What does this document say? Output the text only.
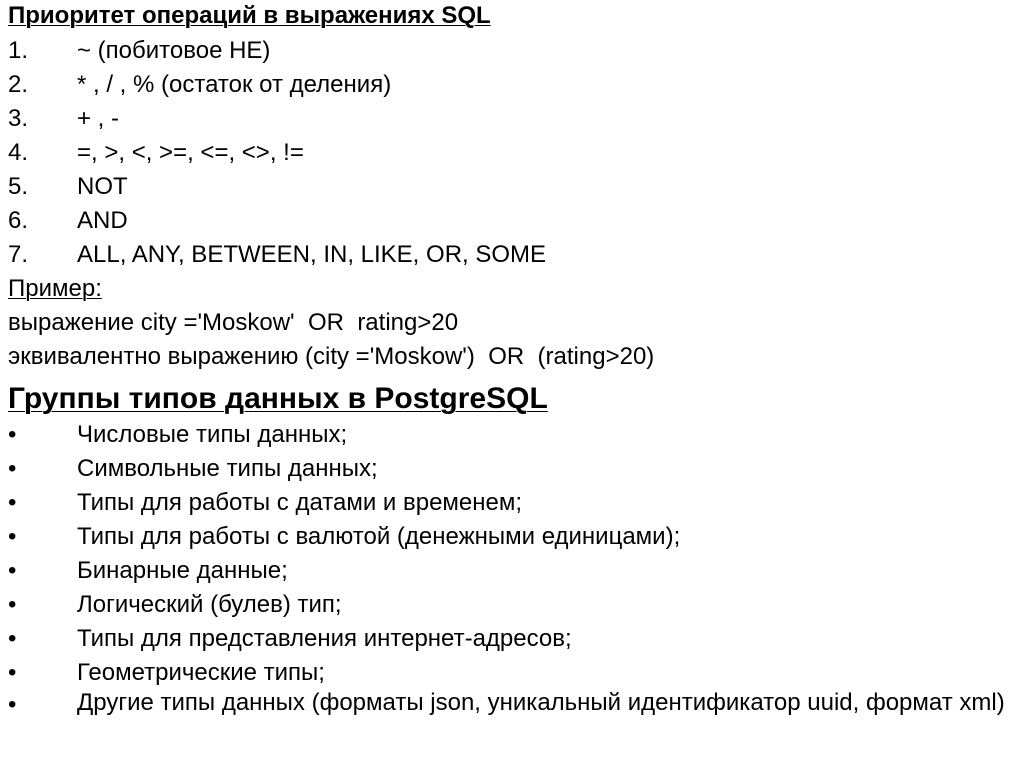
Приоритет операций в выражениях SQL
1.	~ (побитовое НЕ)
2.	* , / , % (остаток от деления)
3.	+ , -
4.	=, >, <, >=, <=, <>, !=
5.	NOT
6.	AND
7.	ALL, ANY, BETWEEN, IN, LIKE, OR, SOME
Пример:
выражение city ='Moskow'  OR  rating>20
эквивалентно выражению (city ='Moskow')  OR  (rating>20)
Группы типов данных в PostgreSQL
•	Числовые типы данных;
•	Символьные типы данных;
•	Типы для работы с датами и временем;
•	Типы для работы с валютой (денежными единицами);
•	Бинарные данные;
•	Логический (булев) тип;
•	Типы для представления интернет-адресов;
•	Геометрические типы;
•	Другие типы данных (форматы json, уникальный идентификатор uuid, формат xml)
